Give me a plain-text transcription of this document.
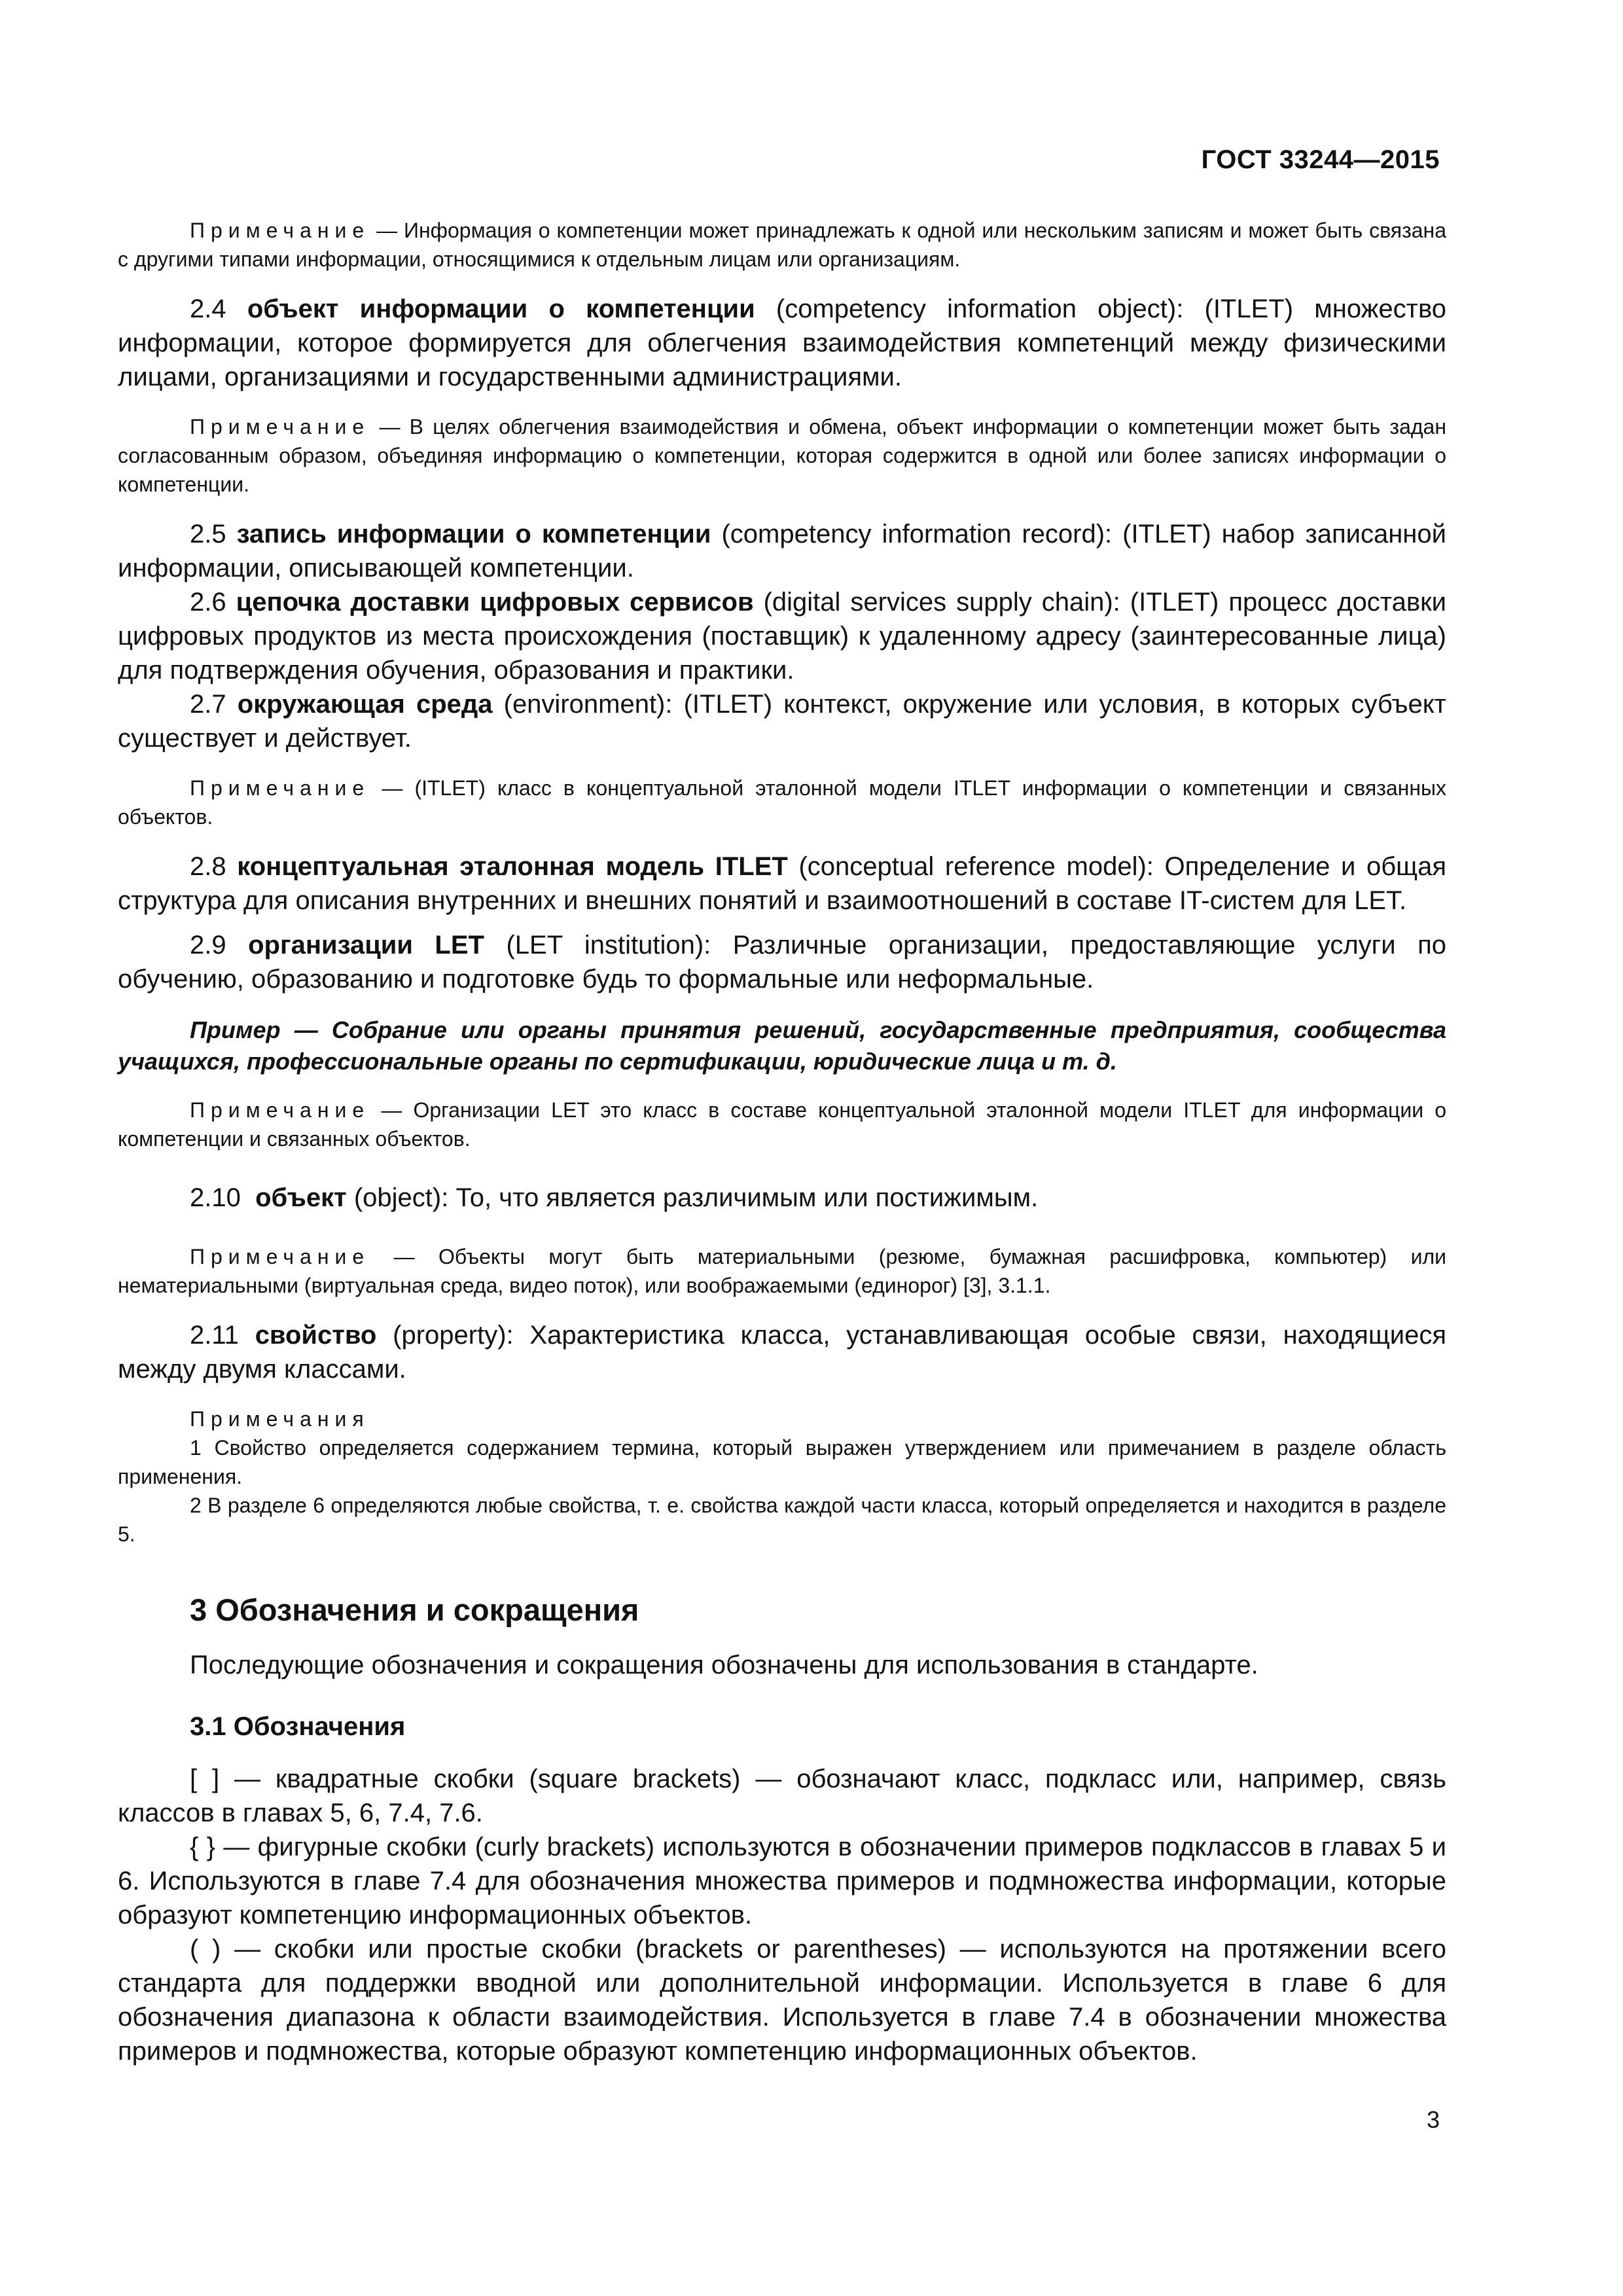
ГОСТ 33244—2015

Примечание — Информация о компетенции может принадлежать к одной или нескольким записям и может быть связана с другими типами информации, относящимися к отдельным лицам или организациям.

2.4 объект информации о компетенции (competency information object): (ITLET) множество информации, которое формируется для облегчения взаимодействия компетенций между физическими лицами, организациями и государственными администрациями.

Примечание — В целях облегчения взаимодействия и обмена, объект информации о компетенции может быть задан согласованным образом, объединяя информацию о компетенции, которая содержится в одной или более записях информации о компетенции.

2.5 запись информации о компетенции (competency information record): (ITLET) набор записанной информации, описывающей компетенции.

2.6 цепочка доставки цифровых сервисов (digital services supply chain): (ITLET) процесс доставки цифровых продуктов из места происхождения (поставщик) к удаленному адресу (заинтересованные лица) для подтверждения обучения, образования и практики.

2.7 окружающая среда (environment): (ITLET) контекст, окружение или условия, в которых субъект существует и действует.

Примечание — (ITLET) класс в концептуальной эталонной модели ITLET информации о компетенции и связанных объектов.

2.8 концептуальная эталонная модель ITLET (conceptual reference model): Определение и общая структура для описания внутренних и внешних понятий и взаимоотношений в составе IT-систем для LET.

2.9 организации LET (LET institution): Различные организации, предоставляющие услуги по обучению, образованию и подготовке будь то формальные или неформальные.

Пример — Собрание или органы принятия решений, государственные предприятия, сообщества учащихся, профессиональные органы по сертификации, юридические лица и т. д.

Примечание — Организации LET это класс в составе концептуальной эталонной модели ITLET для информации о компетенции и связанных объектов.

2.10 объект (object): То, что является различимым или постижимым.

Примечание — Объекты могут быть материальными (резюме, бумажная расшифровка, компьютер) или нематериальными (виртуальная среда, видео поток), или воображаемыми (единорог) [3], 3.1.1.

2.11 свойство (property): Характеристика класса, устанавливающая особые связи, находящиеся между двумя классами.

Примечания

1 Свойство определяется содержанием термина, который выражен утверждением или примечанием в разделе область применения.

2 В разделе 6 определяются любые свойства, т. е. свойства каждой части класса, который определяется и находится в разделе 5.

3 Обозначения и сокращения

Последующие обозначения и сокращения обозначены для использования в стандарте.

3.1 Обозначения

[ ] — квадратные скобки (square brackets) — обозначают класс, подкласс или, например, связь классов в главах 5, 6, 7.4, 7.6.

{ } — фигурные скобки (curly brackets) используются в обозначении примеров подклассов в главах 5 и 6. Используются в главе 7.4 для обозначения множества примеров и подмножества информации, которые образуют компетенцию информационных объектов.

( ) — скобки или простые скобки (brackets or parentheses) — используются на протяжении всего стандарта для поддержки вводной или дополнительной информации. Используется в главе 6 для обозначения диапазона к области взаимодействия. Используется в главе 7.4 в обозначении множества примеров и подмножества, которые образуют компетенцию информационных объектов.

3
